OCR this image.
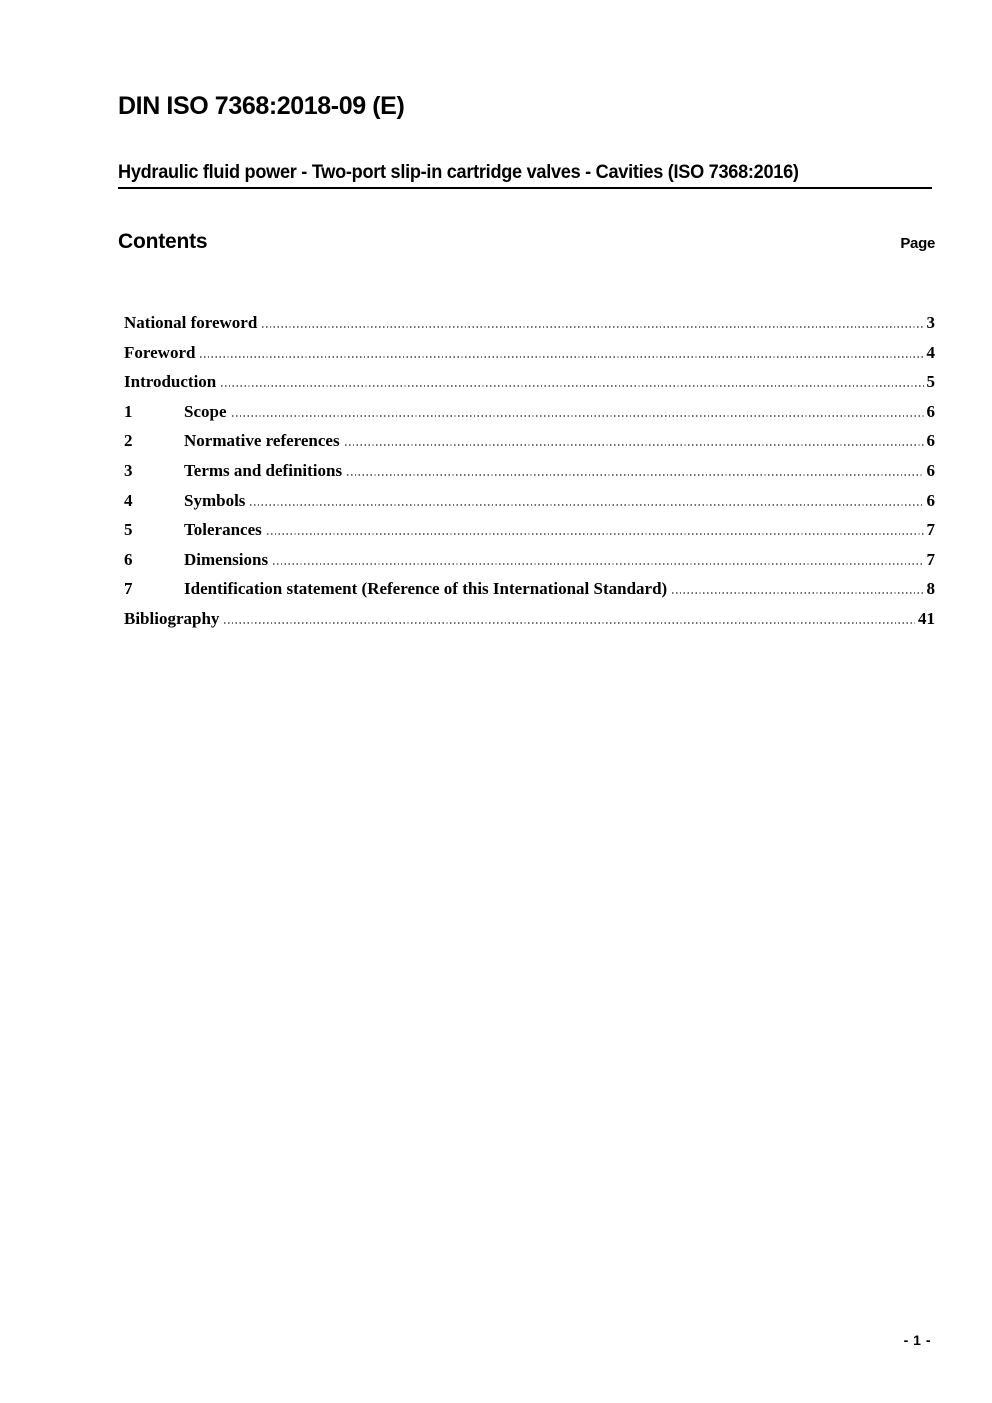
DIN ISO 7368:2018-09 (E)
Hydraulic fluid power - Two-port slip-in cartridge valves - Cavities (ISO 7368:2016)
Contents	Page
National foreword	3
Foreword	4
Introduction	5
1	Scope	6
2	Normative references	6
3	Terms and definitions	6
4	Symbols	6
5	Tolerances	7
6	Dimensions	7
7	Identification statement (Reference of this International Standard)	8
Bibliography	41
- 1 -
